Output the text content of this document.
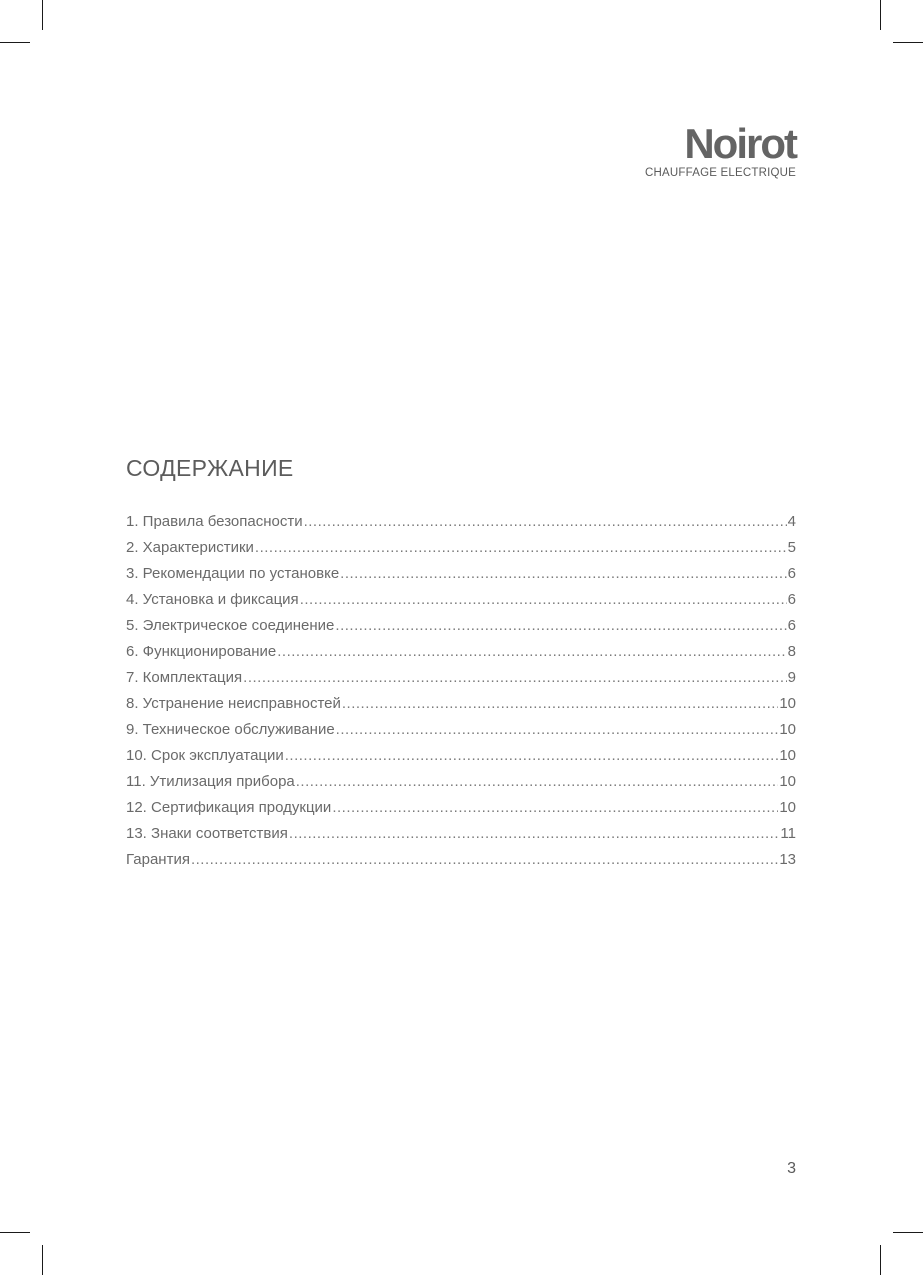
Noirot
CHAUFFAGE ELECTRIQUE
СОДЕРЖАНИЕ
1. Правила безопасности .....	4
2. Характеристики .....	5
3. Рекомендации по установке .....	6
4. Установка и фиксация .....	6
5. Электрическое соединение .....	6
6. Функционирование .....	8
7. Комплектация .....	9
8. Устранение неисправностей .....	10
9. Техническое обслуживание .....	10
10. Срок эксплуатации .....	10
11. Утилизация прибора .....	10
12. Сертификация продукции .....	10
13. Знаки соответствия .....	11
Гарантия .....	13
3
